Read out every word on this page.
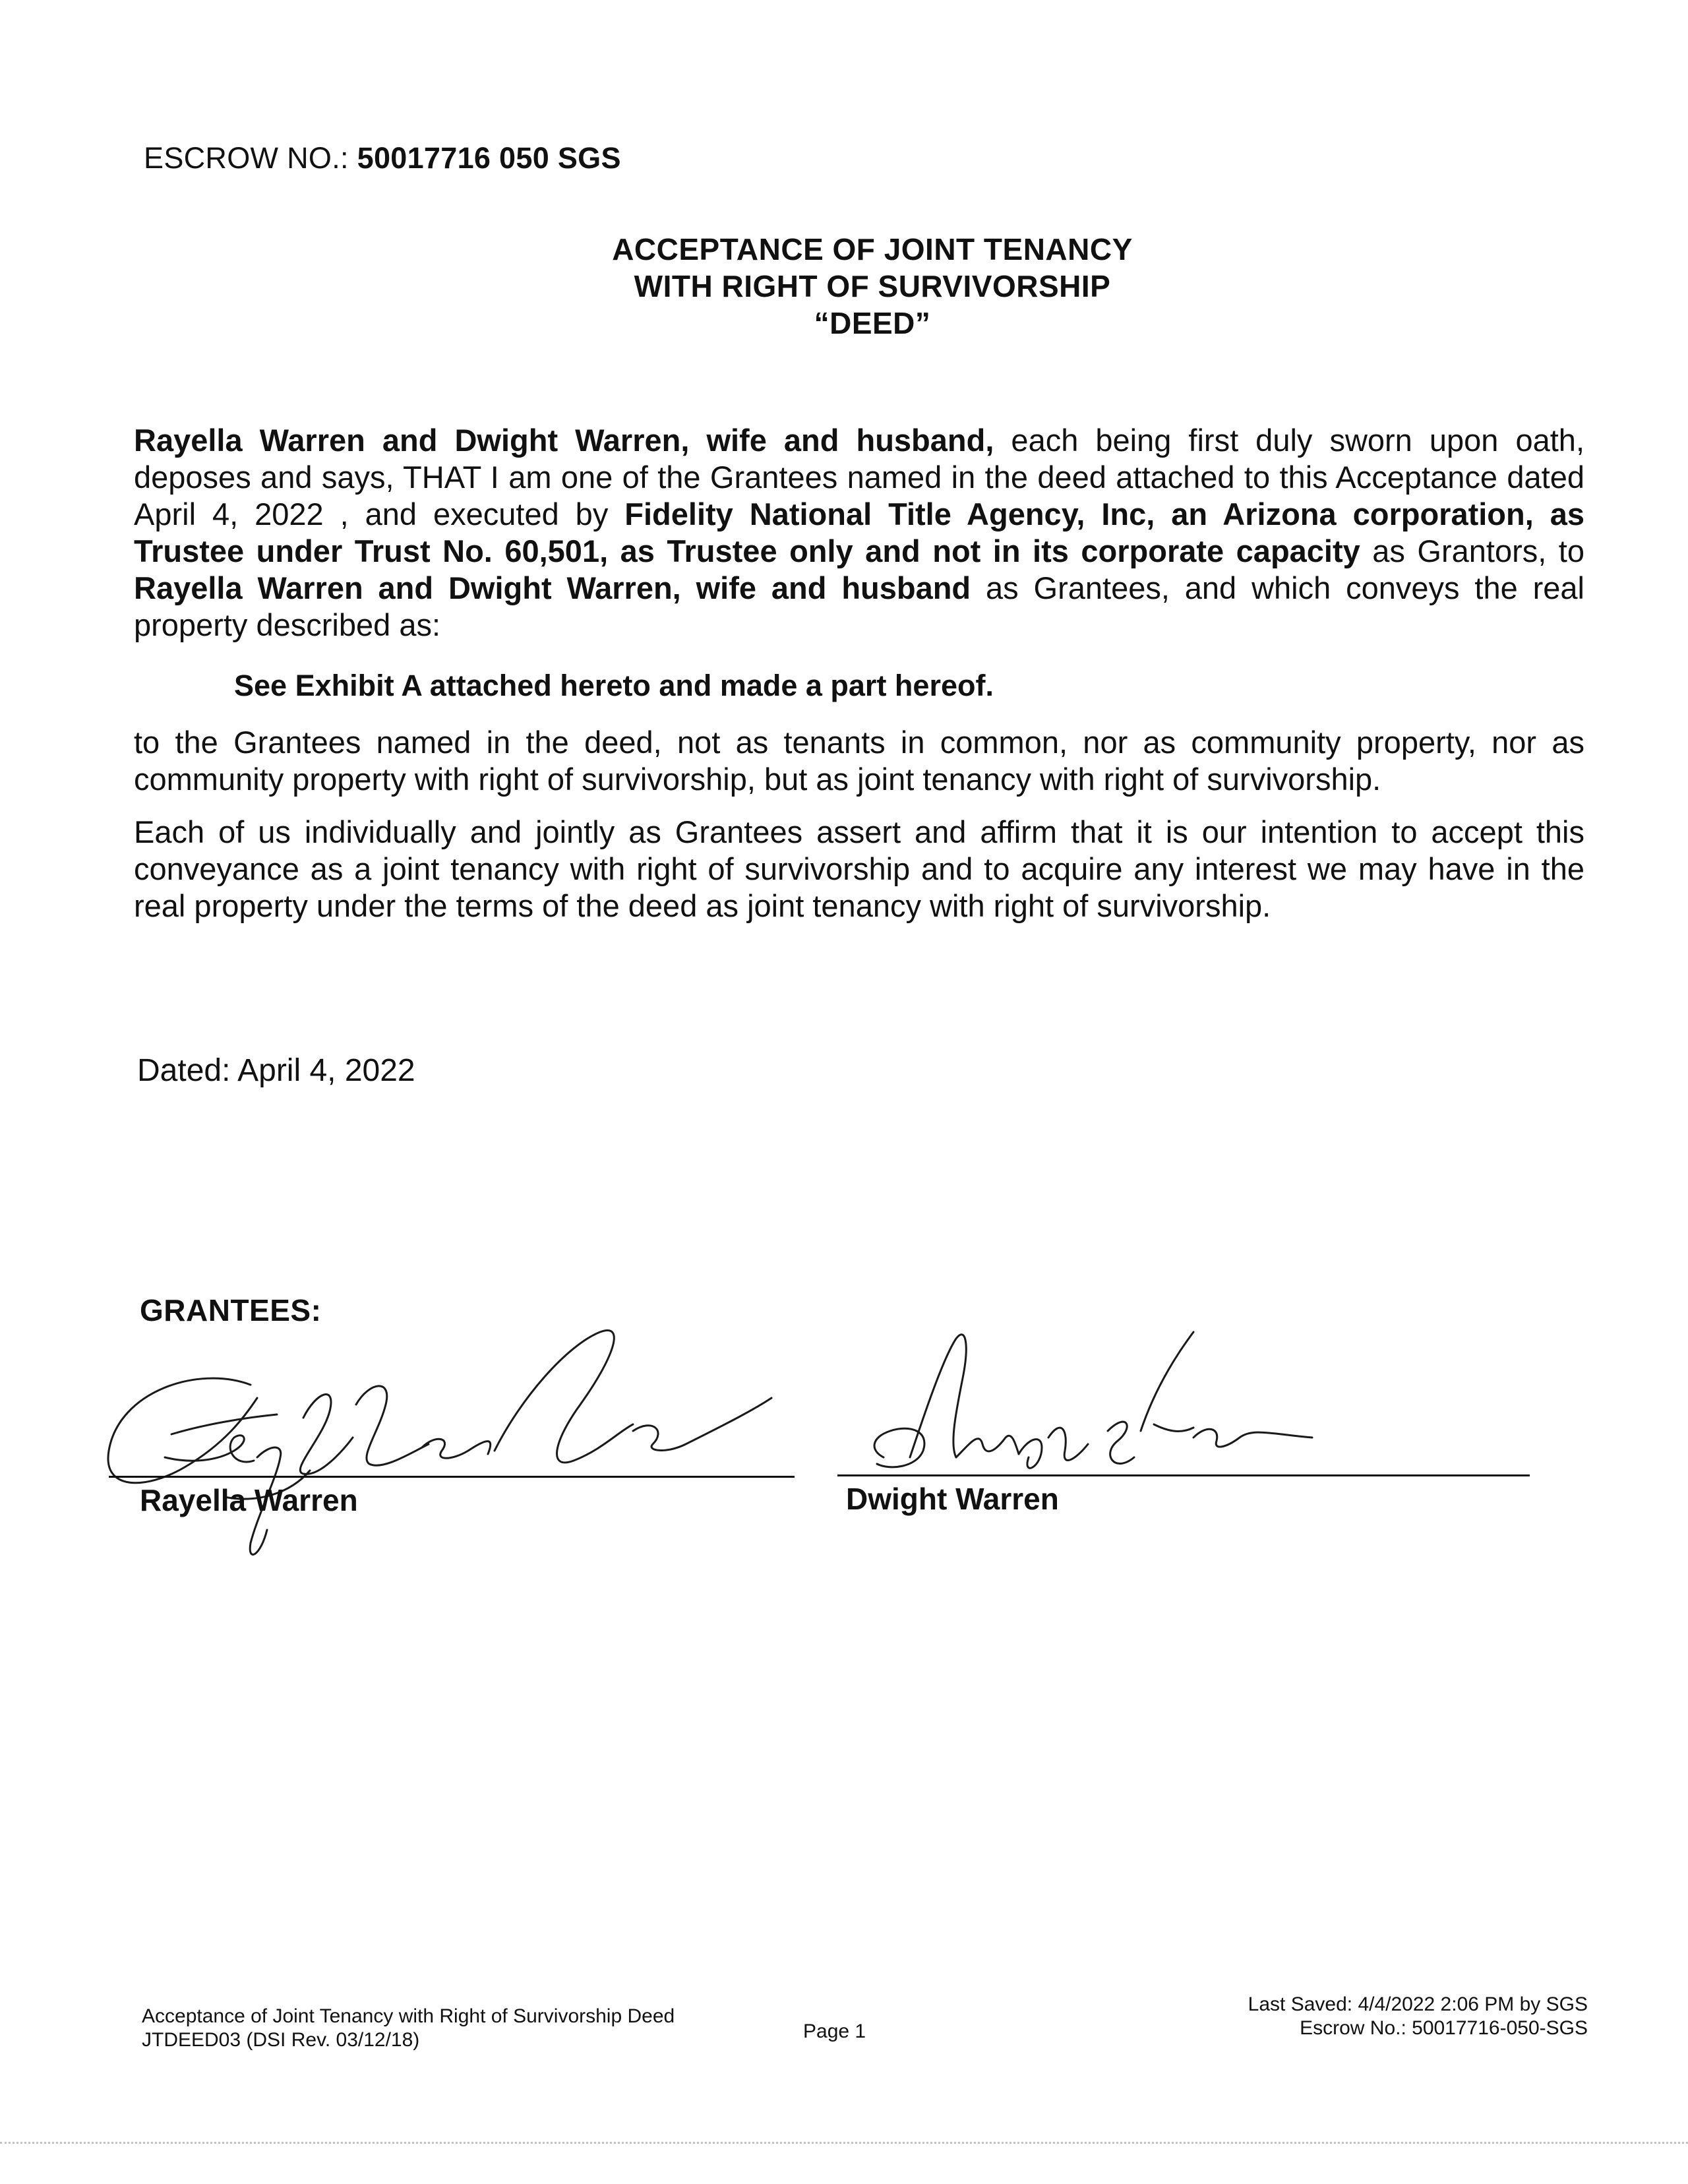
ESCROW NO.: 50017716 050 SGS
ACCEPTANCE OF JOINT TENANCY
WITH RIGHT OF SURVIVORSHIP
“DEED”
Rayella Warren and Dwight Warren, wife and husband, each being first duly sworn upon oath, deposes and says, THAT I am one of the Grantees named in the deed attached to this Acceptance dated April 4, 2022 , and executed by Fidelity National Title Agency, Inc, an Arizona corporation, as Trustee under Trust No. 60,501, as Trustee only and not in its corporate capacity as Grantors, to Rayella Warren and Dwight Warren, wife and husband as Grantees, and which conveys the real property described as:
See Exhibit A attached hereto and made a part hereof.
to the Grantees named in the deed, not as tenants in common, nor as community property, nor as community property with right of survivorship, but as joint tenancy with right of survivorship.
Each of us individually and jointly as Grantees assert and affirm that it is our intention to accept this conveyance as a joint tenancy with right of survivorship and to acquire any interest we may have in the real property under the terms of the deed as joint tenancy with right of survivorship.
Dated: April 4, 2022
GRANTEES:
Rayella Warren	Dwight Warren
Acceptance of Joint Tenancy with Right of Survivorship Deed
JTDEED03 (DSI Rev. 03/12/18)	Page 1
Last Saved: 4/4/2022 2:06 PM by SGS
Escrow No.: 50017716-050-SGS
